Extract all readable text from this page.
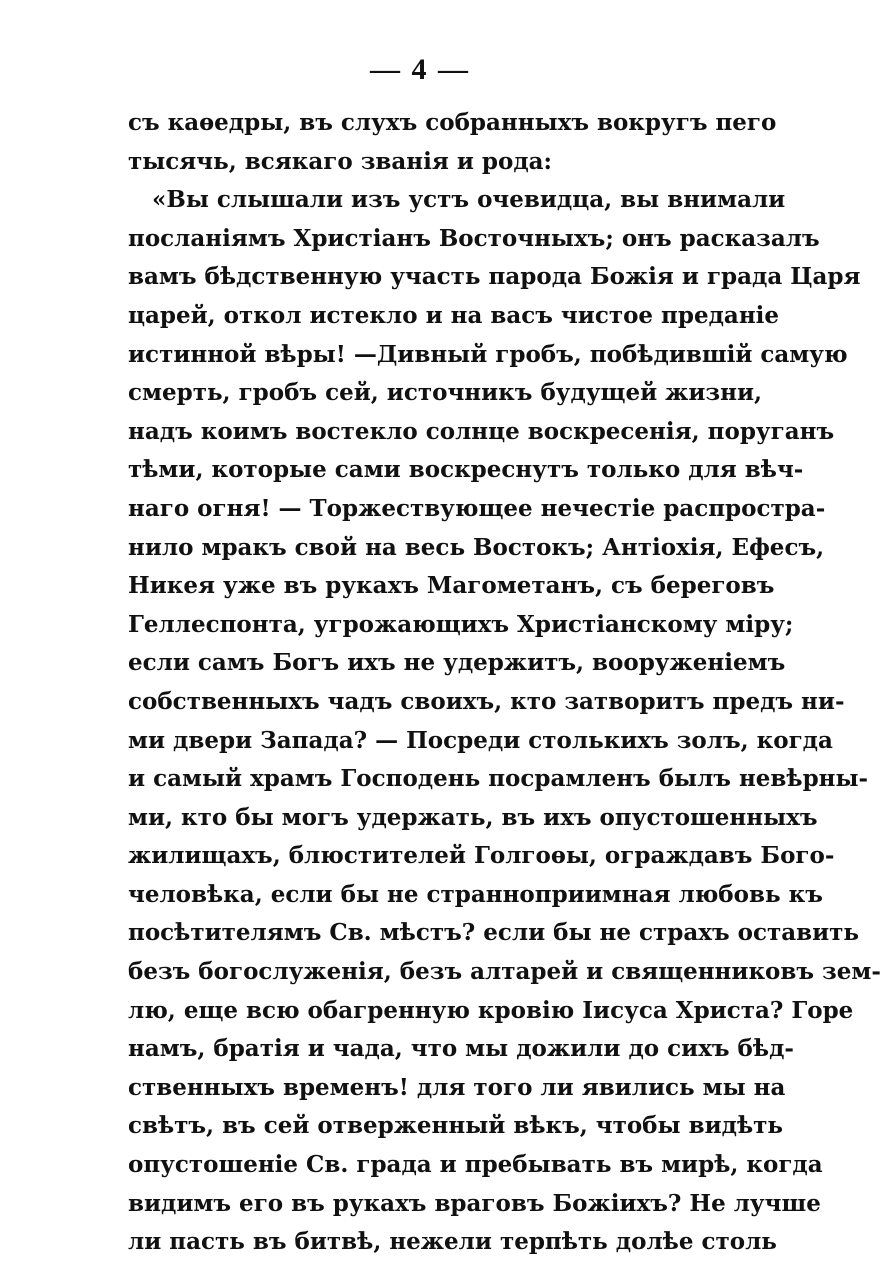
— 4 —
съ каѳедры, въ слухъ собранныхъ вокругъ пего
тысячь, всякаго званія и рода:
«Вы слышали изъ устъ очевидца, вы внимали
посланіямъ Христіанъ Восточныхъ; онъ расказалъ
вамъ бѣдственную участь парода Божія и града Царя
царей, откол истекло и на васъ чистое преданіе
истинной вѣры! —Дивный гробъ, побѣдившій самую
смерть, гробъ сей, источникъ будущей жизни,
надъ коимъ востекло солнце воскресенія, поруганъ
тѣми, которые сами воскреснутъ только для вѣч-
наго огня! — Торжествующее нечестіе распростра-
нило мракъ свой на весь Востокъ; Антіохія, Ефесъ,
Никея уже въ рукахъ Магометанъ, съ береговъ
Геллеспонта, угрожающихъ Христіанскому міру;
если самъ Богъ ихъ не удержитъ, вооруженіемъ
собственныхъ чадъ своихъ, кто затворитъ предъ ни-
ми двери Запада? — Посреди столькихъ золъ, когда
и самый храмъ Господень посрамленъ былъ невѣрны-
ми, кто бы могъ удержать, въ ихъ опустошенныхъ
жилищахъ, блюстителей Голгоѳы, ограждавъ Бого-
человѣка, если бы не странноприимная любовь къ
посѣтителямъ Св. мѣстъ? если бы не страхъ оставить
безъ богослуженія, безъ алтарей и священниковъ зем-
лю, еще всю обагренную кровію Іисуса Христа? Горе
намъ, братія и чада, что мы дожили до сихъ бѣд-
ственныхъ временъ! для того ли явились мы на
свѣтъ, въ сей отверженный вѣкъ, чтобы видѣть
опустошеніе Св. града и пребывать въ мирѣ, когда
видимъ его въ рукахъ враговъ Божіихъ? Не лучше
ли пасть въ битвѣ, нежели терпѣть долѣе столь
